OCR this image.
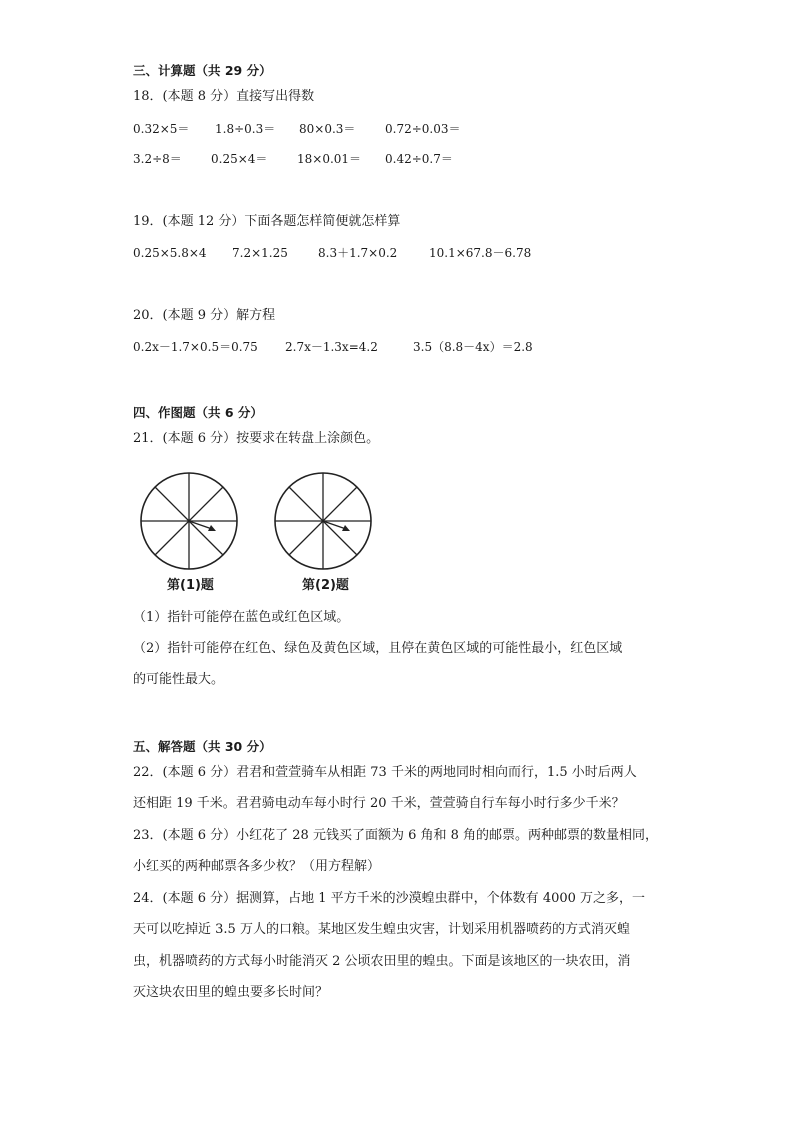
三、计算题（共 29 分）
18．(本题 8 分）直接写出得数
0.32×5＝ 1.8÷0.3＝ 80×0.3＝ 0.72÷0.03＝
3.2÷8＝ 0.25×4＝ 18×0.01＝ 0.42÷0.7＝
19．(本题 12 分）下面各题怎样简便就怎样算
0.25×5.8×4 7.2×1.25	8.3＋1.7×0.2	10.1×67.8－6.78
20．(本题 9 分）解方程
0.2x－1.7×0.5＝0.75 2.7x－1.3x=4.2	3.5（8.8－4x）＝2.8
四、作图题（共 6 分）
21．(本题 6 分）按要求在转盘上涂颜色。
第(1)题	第(2)题
（1）指针可能停在蓝色或红色区域。
（2）指针可能停在红色、绿色及黄色区域，且停在黄色区域的可能性最小，红色区域
的可能性最大。
五、解答题（共 30 分）
22．(本题 6 分）君君和萱萱骑车从相距 73 千米的两地同时相向而行，1.5 小时后两人
还相距 19 千米。君君骑电动车每小时行 20 千米，萱萱骑自行车每小时行多少千米？
23．(本题 6 分）小红花了 28 元钱买了面额为 6 角和 8 角的邮票。两种邮票的数量相同，
小红买的两种邮票各多少枚？（用方程解）
24．(本题 6 分）据测算，占地 1 平方千米的沙漠蝗虫群中，个体数有 4000 万之多，一
天可以吃掉近 3.5 万人的口粮。某地区发生蝗虫灾害，计划采用机器喷药的方式消灭蝗
虫，机器喷药的方式每小时能消灭 2 公顷农田里的蝗虫。下面是该地区的一块农田，消
灭这块农田里的蝗虫要多长时间？
